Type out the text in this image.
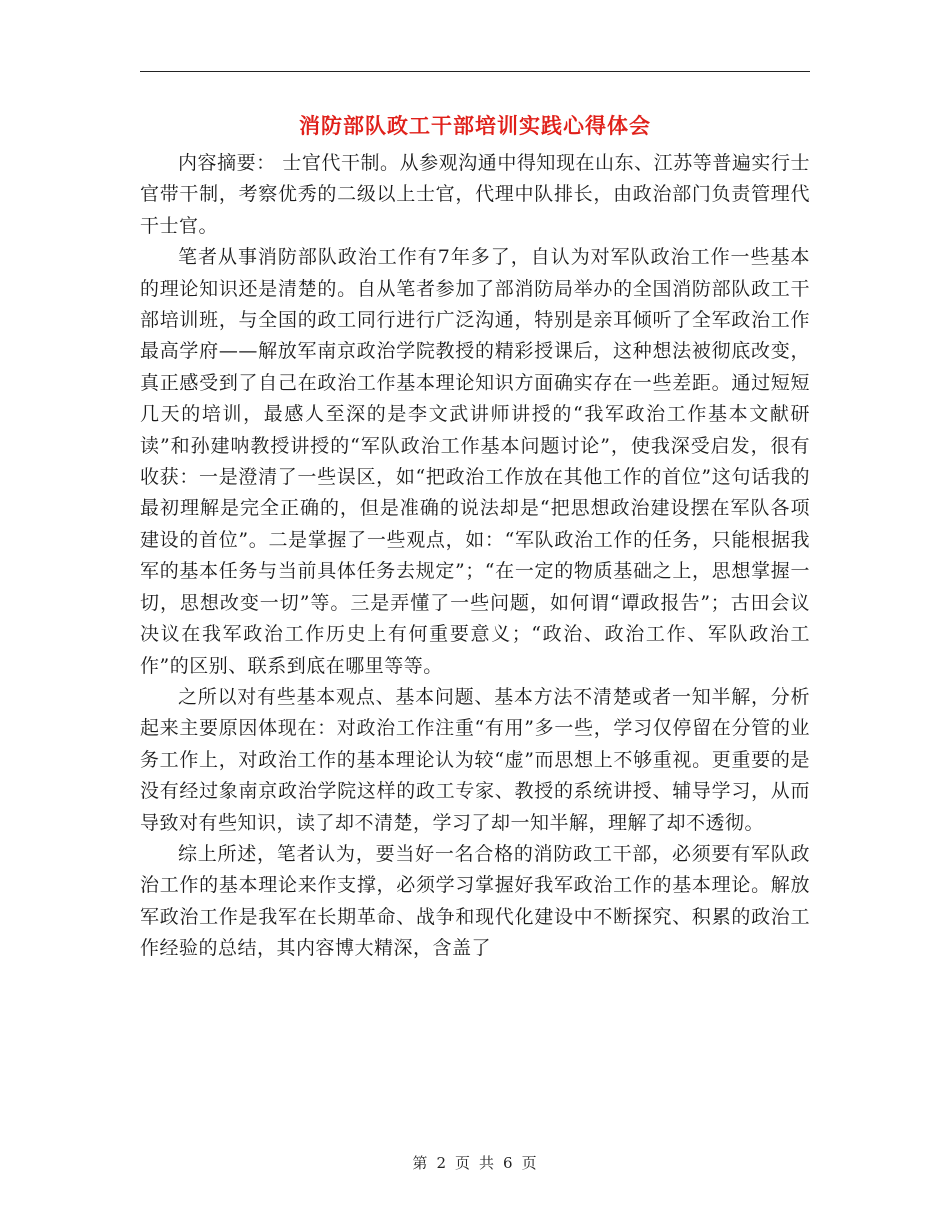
消防部队政工干部培训实践心得体会

内容摘要： 士官代干制。从参观沟通中得知现在山东、江苏等普遍实行士官带干制，考察优秀的二级以上士官，代理中队排长，由政治部门负责管理代干士官。

笔者从事消防部队政治工作有7年多了，自认为对军队政治工作一些基本的理论知识还是清楚的。自从笔者参加了部消防局举办的全国消防部队政工干部培训班，与全国的政工同行进行广泛沟通，特别是亲耳倾听了全军政治工作最高学府——解放军南京政治学院教授的精彩授课后，这种想法被彻底改变，真正感受到了自己在政治工作基本理论知识方面确实存在一些差距。通过短短几天的培训，最感人至深的是李文武讲师讲授的“我军政治工作基本文献研读”和孙建呐教授讲授的“军队政治工作基本问题讨论”，使我深受启发，很有收获：一是澄清了一些误区，如“把政治工作放在其他工作的首位”这句话我的最初理解是完全正确的，但是准确的说法却是“把思想政治建设摆在军队各项建设的首位”。二是掌握了一些观点，如：“军队政治工作的任务，只能根据我军的基本任务与当前具体任务去规定”；“在一定的物质基础之上，思想掌握一切，思想改变一切”等。三是弄懂了一些问题，如何谓“谭政报告”；古田会议决议在我军政治工作历史上有何重要意义；“政治、政治工作、军队政治工作”的区别、联系到底在哪里等等。

之所以对有些基本观点、基本问题、基本方法不清楚或者一知半解，分析起来主要原因体现在：对政治工作注重“有用”多一些，学习仅停留在分管的业务工作上，对政治工作的基本理论认为较“虚”而思想上不够重视。更重要的是没有经过象南京政治学院这样的政工专家、教授的系统讲授、辅导学习，从而导致对有些知识，读了却不清楚，学习了却一知半解，理解了却不透彻。

综上所述，笔者认为，要当好一名合格的消防政工干部，必须要有军队政治工作的基本理论来作支撑，必须学习掌握好我军政治工作的基本理论。解放军政治工作是我军在长期革命、战争和现代化建设中不断探究、积累的政治工作经验的总结，其内容博大精深，含盖了

第 2 页 共 6 页
